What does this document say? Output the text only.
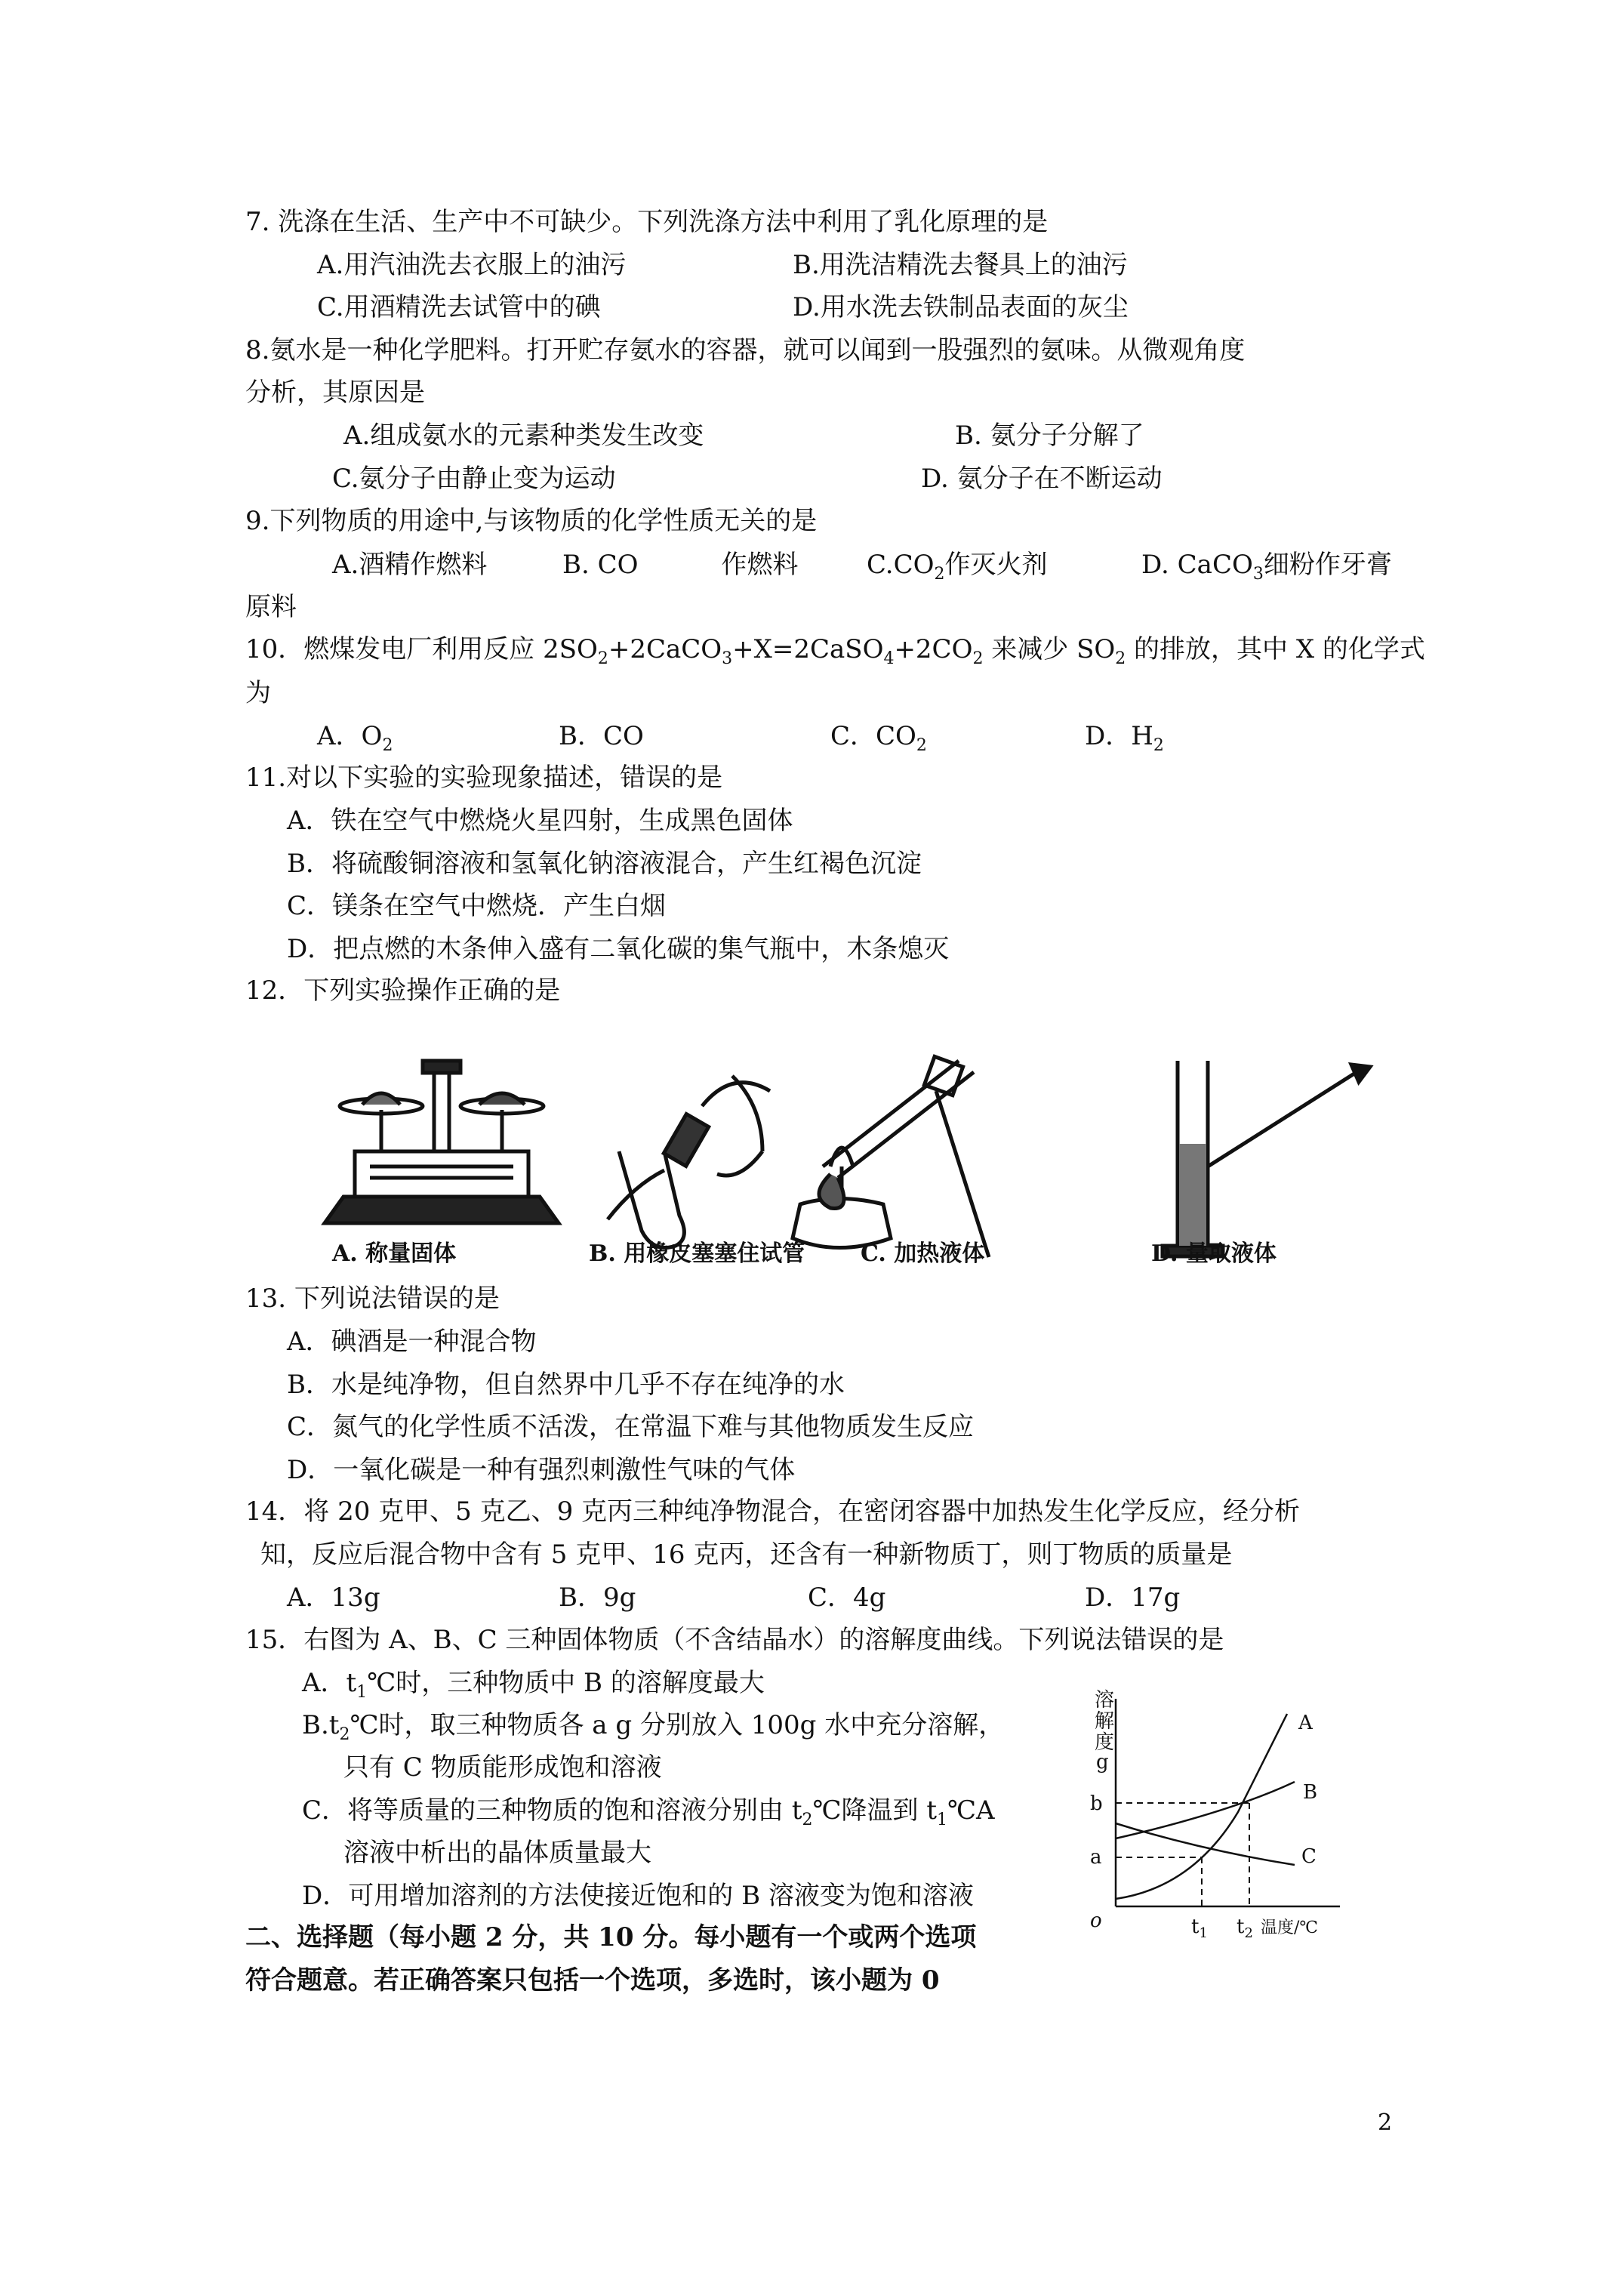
7. 洗涤在生活、生产中不可缺少。下列洗涤方法中利用了乳化原理的是
A.用汽油洗去衣服上的油污	B.用洗洁精洗去餐具上的油污
C.用酒精洗去试管中的碘	D.用水洗去铁制品表面的灰尘
8.氨水是一种化学肥料。打开贮存氨水的容器，就可以闻到一股强烈的氨味。从微观角度
分析，其原因是
A.组成氨水的元素种类发生改变	B. 氨分子分解了
C.氨分子由静止变为运动	D. 氨分子在不断运动
9.下列物质的用途中,与该物质的化学性质无关的是
A.酒精作燃料	B. CO	作燃料	$C.CO_2$作灭火剂	D. CaCO$_3$细粉作牙膏
原料
10．燃煤发电厂利用反应 $2SO_2+2CaCO_3+X=2CaSO_4+2CO_2$ 来减少 $SO_2$ 的排放，其中 X 的化学式
为
A．$O_2$	B．CO	C．$CO_2$	D．$H_2$
11.对以下实验的实验现象描述，错误的是
A．铁在空气中燃烧火星四射，生成黑色固体
B．将硫酸铜溶液和氢氧化钠溶液混合，产生红褐色沉淀
C．镁条在空气中燃烧．产生白烟
D．把点燃的木条伸入盛有二氧化碳的集气瓶中，木条熄灭
12．下列实验操作正确的是
A. 称量固体	B. 用橡皮塞塞住试管 C. 加热液体	D. 量取液体
13. 下列说法错误的是
A．碘酒是一种混合物
B．水是纯净物，但自然界中几乎不存在纯净的水
C．氮气的化学性质不活泼，在常温下难与其他物质发生反应
D．一氧化碳是一种有强烈刺激性气味的气体
14．将 20 克甲、5 克乙、9 克丙三种纯净物混合，在密闭容器中加热发生化学反应，经分析
知，反应后混合物中含有 5 克甲、16 克丙，还含有一种新物质丁，则丁物质的质量是
A．13g	B．9g	C．4g	D．17g
15．右图为 A、B、C 三种固体物质（不含结晶水）的溶解度曲线。下列说法错误的是
A．$t_1℃$时，三种物质中 B 的溶解度最大
$B.t_2℃$时，取三种物质各 a g 分别放入 100g 水中充分溶解，
只有 C 物质能形成饱和溶液
C．将等质量的三种物质的饱和溶液分别由 $t_2℃$降温到 $t_1℃A$
溶液中析出的晶体质量最大
D．可用增加溶剂的方法使接近饱和的 B 溶液变为饱和溶液
溶
解
度
g
b
a
o	$t_1$ $t_2$ 温度/℃
A
B
C
二、选择题（每小题 2 分，共 10 分。每小题有一个或两个选项
符合题意。若正确答案只包括一个选项，多选时，该小题为 0
2
